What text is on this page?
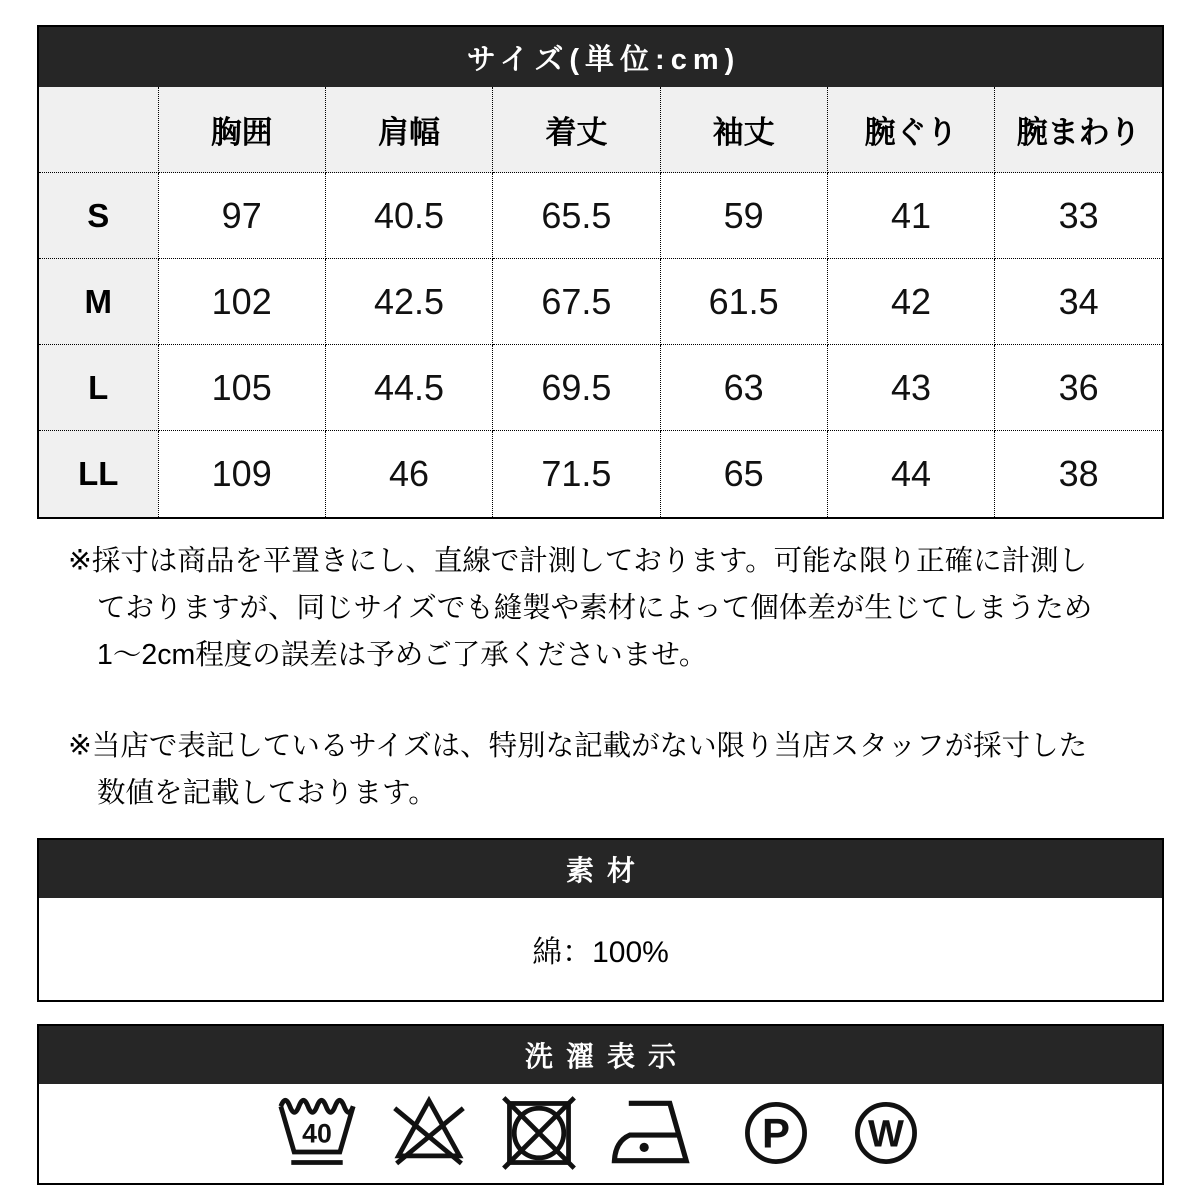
サイズ(単位:cm)
	胸囲	肩幅	着丈	袖丈	腕ぐり	腕まわり
S	97	40.5	65.5	59	41	33
M	102	42.5	67.5	61.5	42	34
L	105	44.5	69.5	63	43	36
LL	109	46	71.5	65	44	38
※採寸は商品を平置きにし、直線で計測しております。可能な限り正確に計測し
ておりますが、同じサイズでも縫製や素材によって個体差が生じてしまうため
1〜2cm程度の誤差は予めご了承くださいませ。
※当店で表記しているサイズは、特別な記載がない限り当店スタッフが採寸した
数値を記載しております。
素材
綿：100%
洗濯表示
40	P W
